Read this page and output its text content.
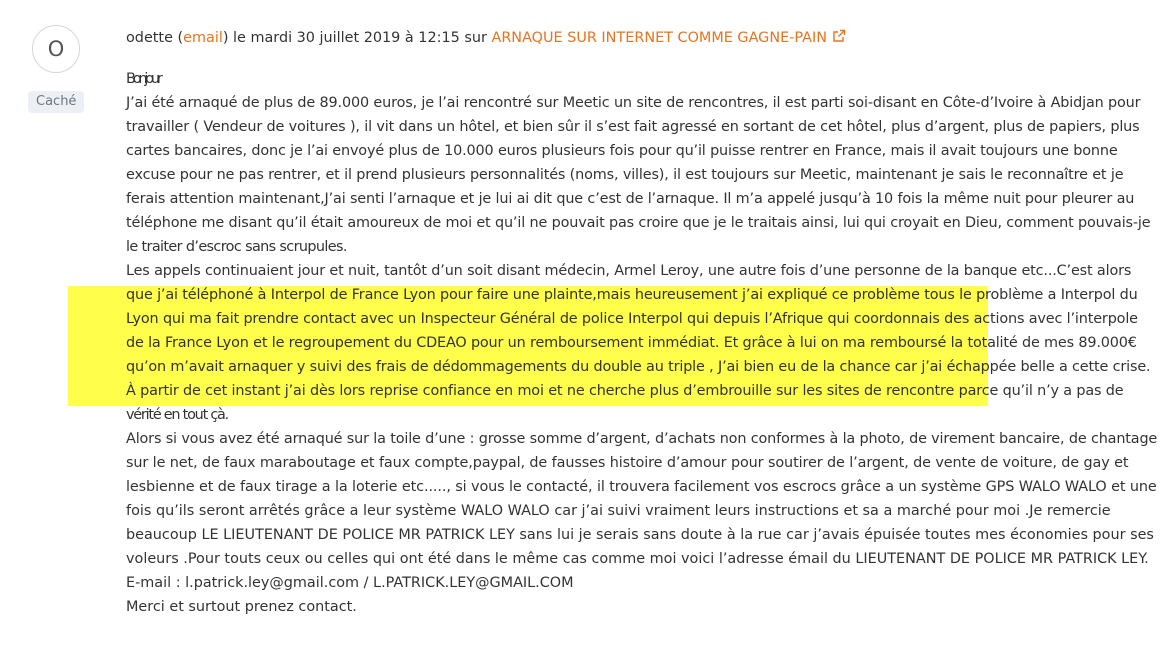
O
Caché
odette (email) le mardi 30 juillet 2019 à 12:15 sur ARNAQUE SUR INTERNET COMME GAGNE-PAIN
Bonjour
J’ai été arnaqué de plus de 89.000 euros, je l’ai rencontré sur Meetic un site de rencontres, il est parti soi-disant en Côte-d’Ivoire à Abidjan pour
travailler ( Vendeur de voitures ), il vit dans un hôtel, et bien sûr il s’est fait agressé en sortant de cet hôtel, plus d’argent, plus de papiers, plus
cartes bancaires, donc je l’ai envoyé plus de 10.000 euros plusieurs fois pour qu’il puisse rentrer en France, mais il avait toujours une bonne
excuse pour ne pas rentrer, et il prend plusieurs personnalités (noms, villes), il est toujours sur Meetic, maintenant je sais le reconnaître et je
ferais attention maintenant,J’ai senti l’arnaque et je lui ai dit que c’est de l’arnaque. Il m’a appelé jusqu’à 10 fois la même nuit pour pleurer au
téléphone me disant qu’il était amoureux de moi et qu’il ne pouvait pas croire que je le traitais ainsi, lui qui croyait en Dieu, comment pouvais-je
le traiter d’escroc sans scrupules.
Les appels continuaient jour et nuit, tantôt d’un soit disant médecin, Armel Leroy, une autre fois d’une personne de la banque etc...C’est alors
que j’ai téléphoné à Interpol de France Lyon pour faire une plainte,mais heureusement j’ai expliqué ce problème tous le problème a Interpol du
Lyon qui ma fait prendre contact avec un Inspecteur Général de police Interpol qui depuis l’Afrique qui coordonnais des actions avec l’interpole
de la France Lyon et le regroupement du CDEAO pour un remboursement immédiat. Et grâce à lui on ma remboursé la totalité de mes 89.000€
qu’on m’avait arnaquer y suivi des frais de dédommagements du double au triple , J’ai bien eu de la chance car j’ai échappée belle a cette crise.
À partir de cet instant j’ai dès lors reprise confiance en moi et ne cherche plus d’embrouille sur les sites de rencontre parce qu’il n’y a pas de
vérité en tout çà.
Alors si vous avez été arnaqué sur la toile d’une : grosse somme d’argent, d’achats non conformes à la photo, de virement bancaire, de chantage
sur le net, de faux maraboutage et faux compte,paypal, de fausses histoire d’amour pour soutirer de l’argent, de vente de voiture, de gay et
lesbienne et de faux tirage a la loterie etc....., si vous le contacté, il trouvera facilement vos escrocs grâce a un système GPS WALO WALO et une
fois qu’ils seront arrêtés grâce a leur système WALO WALO car j’ai suivi vraiment leurs instructions et sa a marché pour moi .Je remercie
beaucoup LE LIEUTENANT DE POLICE MR PATRICK LEY sans lui je serais sans doute à la rue car j’avais épuisée toutes mes économies pour ses
voleurs .Pour touts ceux ou celles qui ont été dans le même cas comme moi voici l’adresse émail du LIEUTENANT DE POLICE MR PATRICK LEY.
E-mail : l.patrick.ley@gmail.com / L.PATRICK.LEY@GMAIL.COM
Merci et surtout prenez contact.
